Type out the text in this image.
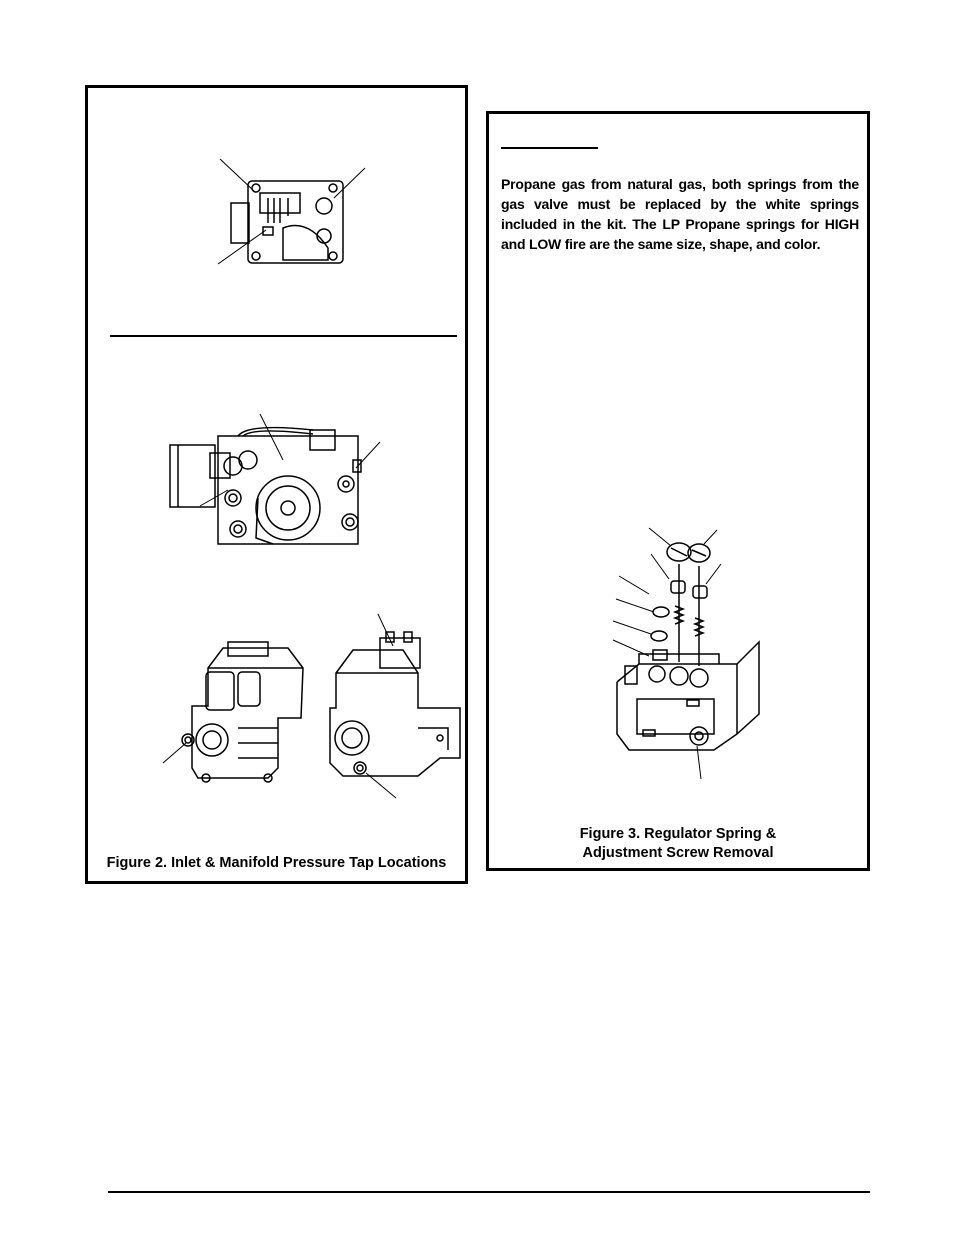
Figure 2. Inlet & Manifold Pressure Tap Locations
Propane gas from natural gas, both springs from the gas valve must be replaced by the white springs included in the kit. The LP Propane springs for HIGH and LOW fire are the same size, shape, and color.
Figure 3. Regulator Spring &
Adjustment Screw Removal
